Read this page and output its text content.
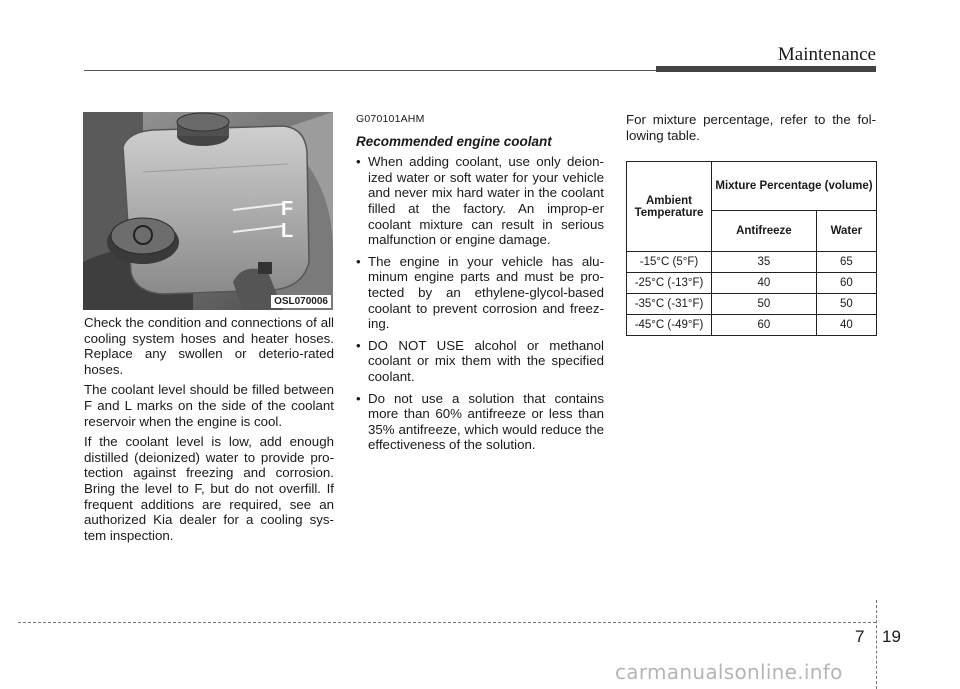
Maintenance
F
L
OSL070006

Check the condition and connections of all cooling system hoses and heater hoses. Replace any swollen or deterio-rated hoses.

The coolant level should be filled between F and L marks on the side of the coolant reservoir when the engine is cool.

If the coolant level is low, add enough distilled (deionized) water to provide pro-tection against freezing and corrosion. Bring the level to F, but do not overfill. If frequent additions are required, see an authorized Kia dealer for a cooling sys-tem inspection.

G070101AHM
Recommended engine coolant
• When adding coolant, use only deion-ized water or soft water for your vehicle and never mix hard water in the coolant filled at the factory. An improp-er coolant mixture can result in serious malfunction or engine damage.
• The engine in your vehicle has alu-minum engine parts and must be pro-tected by an ethylene-glycol-based coolant to prevent corrosion and freez-ing.
• DO NOT USE alcohol or methanol coolant or mix them with the specified coolant.
• Do not use a solution that contains more than 60% antifreeze or less than 35% antifreeze, which would reduce the effectiveness of the solution.

For mixture percentage, refer to the fol-lowing table.

Ambient Temperature	Mixture Percentage (volume)	
	Antifreeze	Water
-15°C (5°F)	35	65
-25°C (-13°F)	40	60
-35°C (-31°F)	50	50
-45°C (-49°F)	60	40
7 19
carmanualsonline.info
